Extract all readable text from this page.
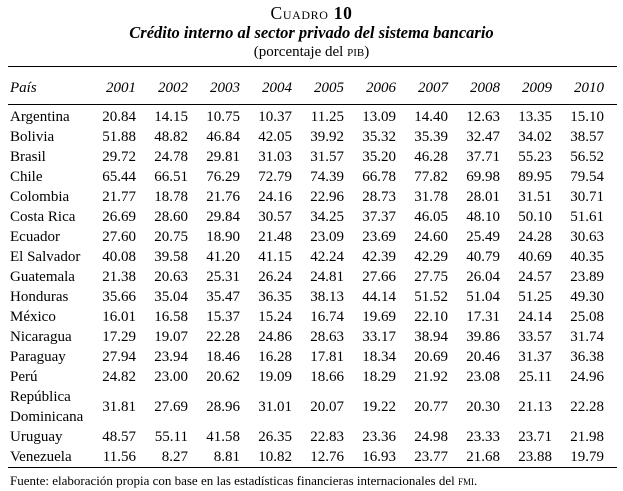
Cuadro 10
Crédito interno al sector privado del sistema bancario
(porcentaje del pib)
País	2001	2002	2003	2004	2005	2006	2007	2008	2009	2010
Argentina	20.84	14.15	10.75	10.37	11.25	13.09	14.40	12.63	13.35	15.10
Bolivia	51.88	48.82	46.84	42.05	39.92	35.32	35.39	32.47	34.02	38.57
Brasil	29.72	24.78	29.81	31.03	31.57	35.20	46.28	37.71	55.23	56.52
Chile	65.44	66.51	76.29	72.79	74.39	66.78	77.82	69.98	89.95	79.54
Colombia	21.77	18.78	21.76	24.16	22.96	28.73	31.78	28.01	31.51	30.71
Costa Rica	26.69	28.60	29.84	30.57	34.25	37.37	46.05	48.10	50.10	51.61
Ecuador	27.60	20.75	18.90	21.48	23.09	23.69	24.60	25.49	24.28	30.63
El Salvador	40.08	39.58	41.20	41.15	42.24	42.39	42.29	40.79	40.69	40.35
Guatemala	21.38	20.63	25.31	26.24	24.81	27.66	27.75	26.04	24.57	23.89
Honduras	35.66	35.04	35.47	36.35	38.13	44.14	51.52	51.04	51.25	49.30
México	16.01	16.58	15.37	15.24	16.74	19.69	22.10	17.31	24.14	25.08
Nicaragua	17.29	19.07	22.28	24.86	28.63	33.17	38.94	39.86	33.57	31.74
Paraguay	27.94	23.94	18.46	16.28	17.81	18.34	20.69	20.46	31.37	36.38
Perú	24.82	23.00	20.62	19.09	18.66	18.29	21.92	23.08	25.11	24.96
República Dominicana	31.81	27.69	28.96	31.01	20.07	19.22	20.77	20.30	21.13	22.28
Uruguay	48.57	55.11	41.58	26.35	22.83	23.36	24.98	23.33	23.71	21.98
Venezuela	11.56	8.27	8.81	10.82	12.76	16.93	23.77	21.68	23.88	19.79
Fuente: elaboración propia con base en las estadísticas financieras internacionales del fmi.
